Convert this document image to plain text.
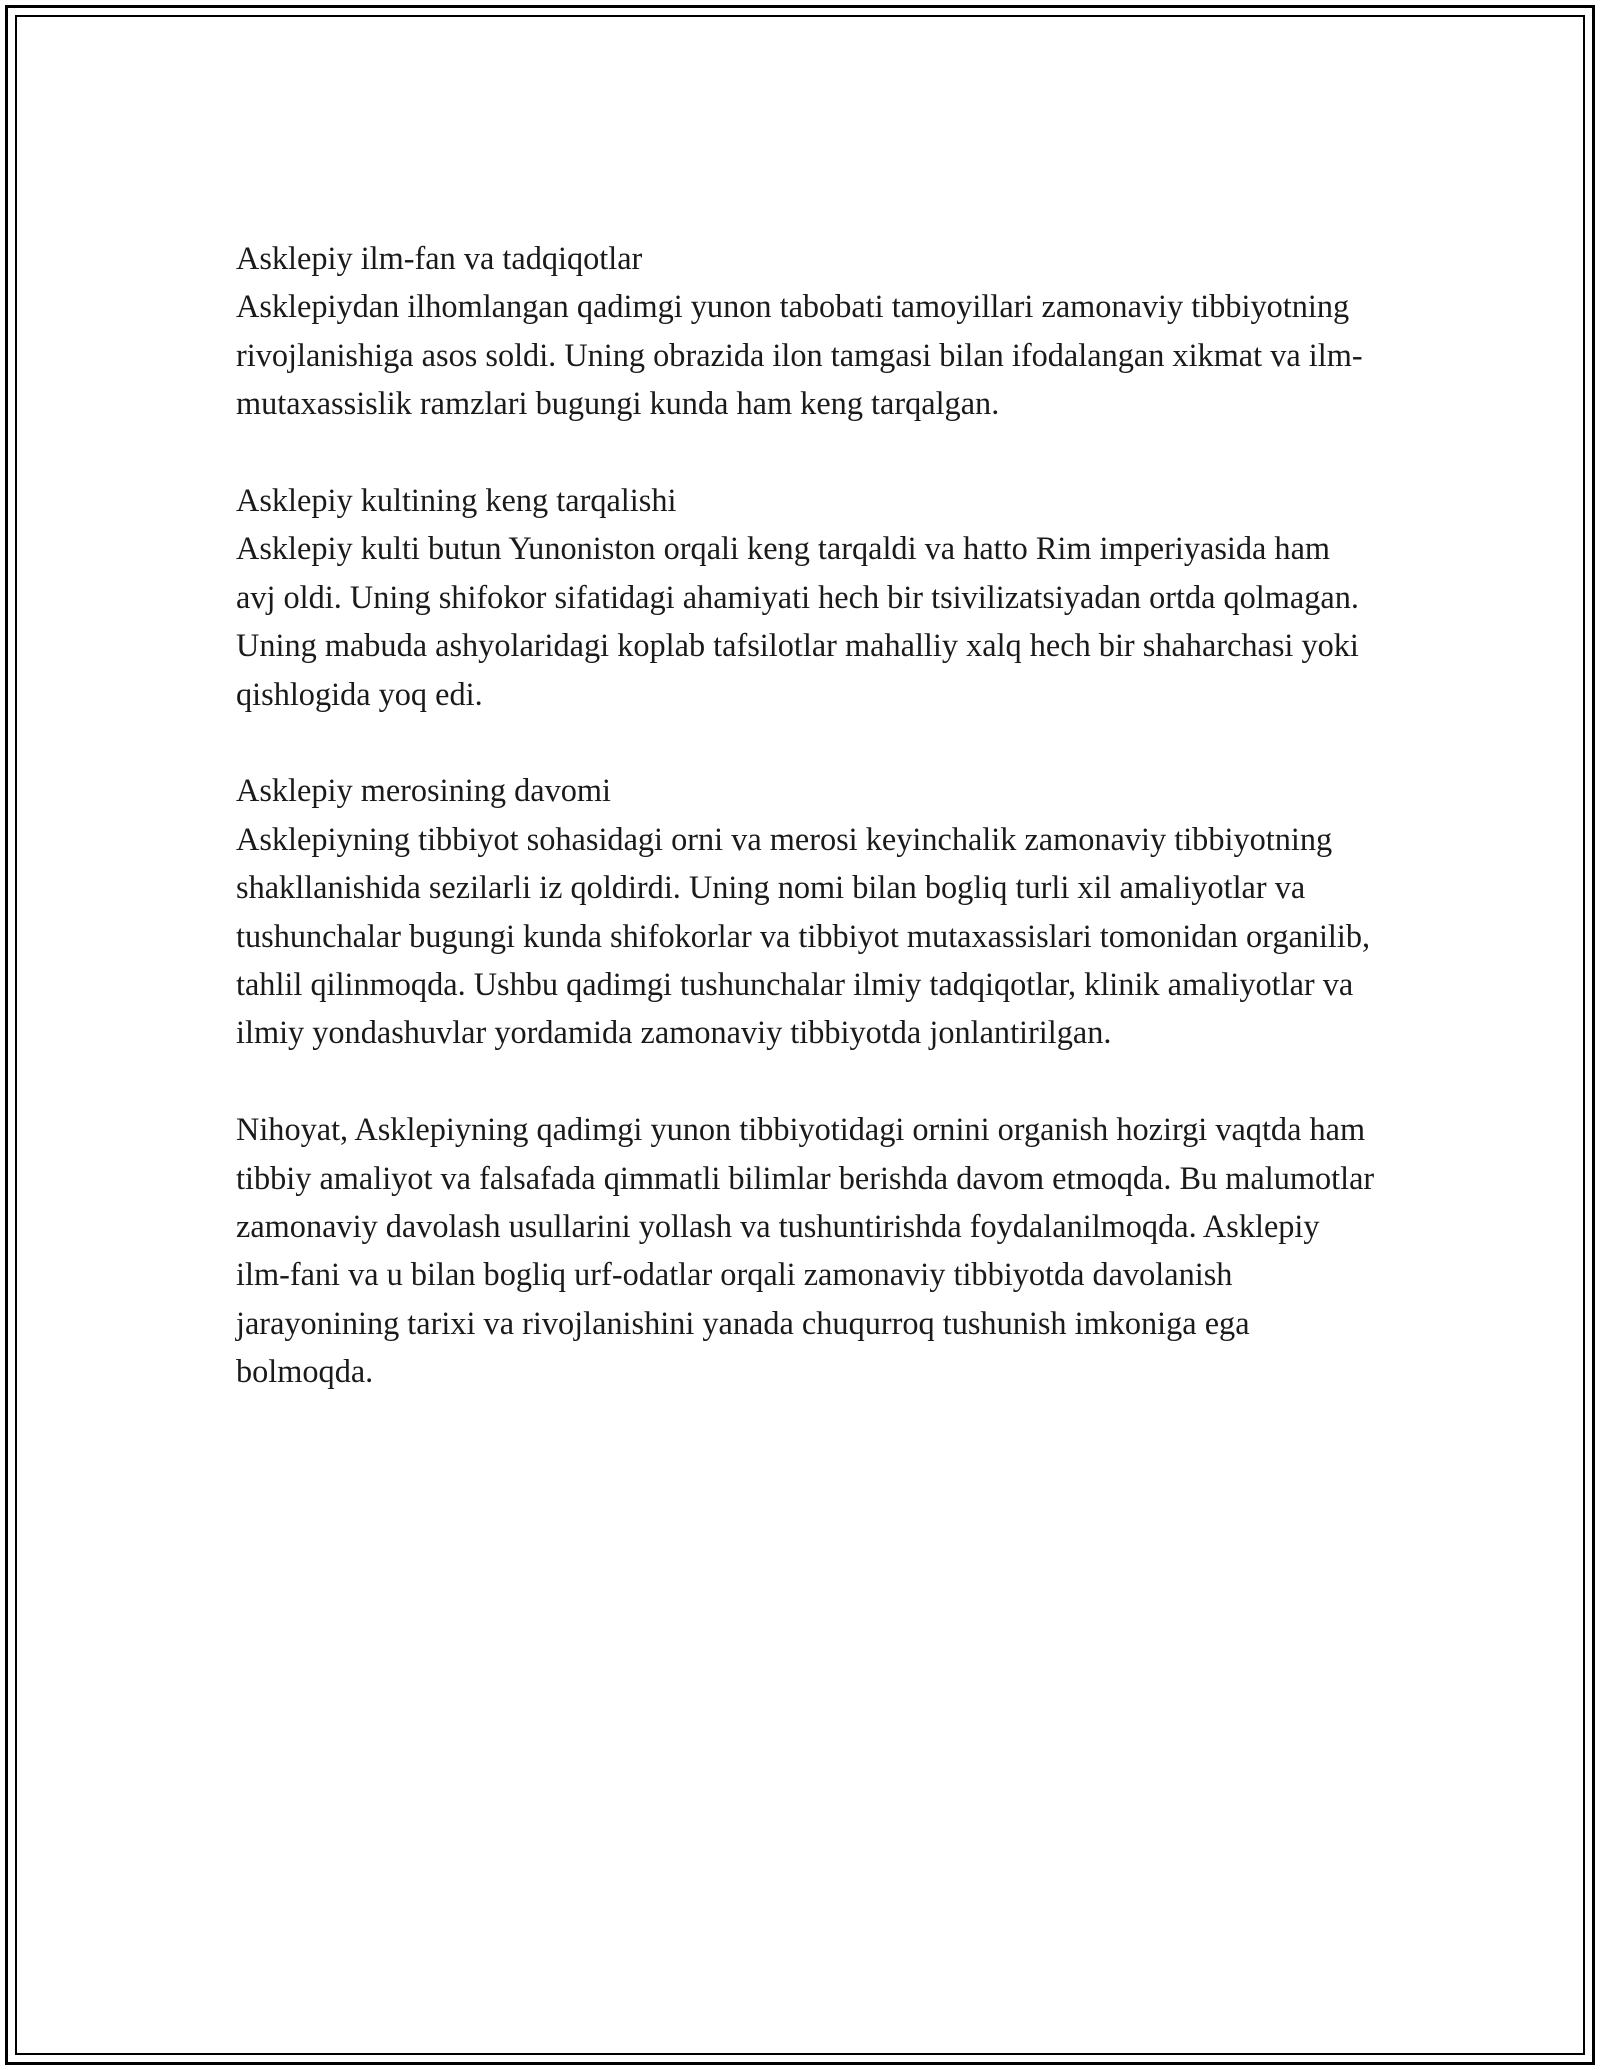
Asklepiy ilm-fan va tadqiqotlar

Asklepiydan ilhomlangan qadimgi yunon tabobati tamoyillari zamonaviy tibbiyotning rivojlanishiga asos soldi. Uning obrazida ilon tamgasi bilan ifodalangan xikmat va ilm-mutaxassislik ramzlari bugungi kunda ham keng tarqalgan.

Asklepiy kultining keng tarqalishi

Asklepiy kulti butun Yunoniston orqali keng tarqaldi va hatto Rim imperiyasida ham avj oldi. Uning shifokor sifatidagi ahamiyati hech bir tsivilizatsiyadan ortda qolmagan. Uning mabuda ashyolaridagi koplab tafsilotlar mahalliy xalq hech bir shaharchasi yoki qishlogida yoq edi.

Asklepiy merosining davomi

Asklepiyning tibbiyot sohasidagi orni va merosi keyinchalik zamonaviy tibbiyotning shakllanishida sezilarli iz qoldirdi. Uning nomi bilan bogliq turli xil amaliyotlar va tushunchalar bugungi kunda shifokorlar va tibbiyot mutaxassislari tomonidan organilib, tahlil qilinmoqda. Ushbu qadimgi tushunchalar ilmiy tadqiqotlar, klinik amaliyotlar va ilmiy yondashuvlar yordamida zamonaviy tibbiyotda jonlantirilgan.

Nihoyat, Asklepiyning qadimgi yunon tibbiyotidagi ornini organish hozirgi vaqtda ham tibbiy amaliyot va falsafada qimmatli bilimlar berishda davom etmoqda. Bu malumotlar zamonaviy davolash usullarini yollash va tushuntirishda foydalanilmoqda. Asklepiy ilm-fani va u bilan bogliq urf-odatlar orqali zamonaviy tibbiyotda davolanish jarayonining tarixi va rivojlanishini yanada chuqurroq tushunish imkoniga ega bolmoqda.
